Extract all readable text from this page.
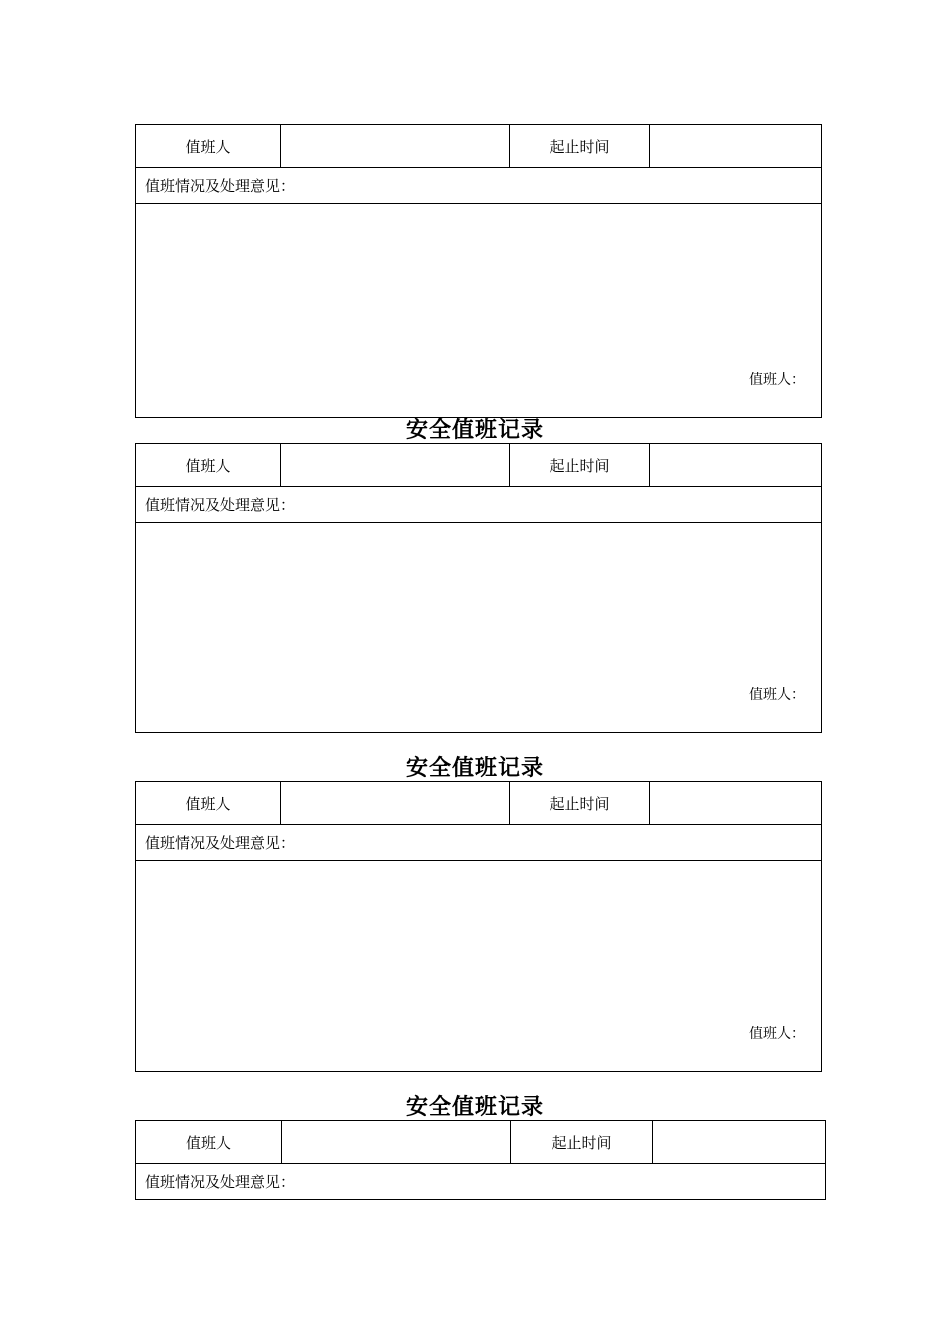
值班人		起止时间	
值班情况及处理意见：
值班人：
安全值班记录
值班人		起止时间	
值班情况及处理意见：
值班人：
安全值班记录
值班人		起止时间	
值班情况及处理意见：
值班人：
安全值班记录
值班人		起止时间	
值班情况及处理意见：
